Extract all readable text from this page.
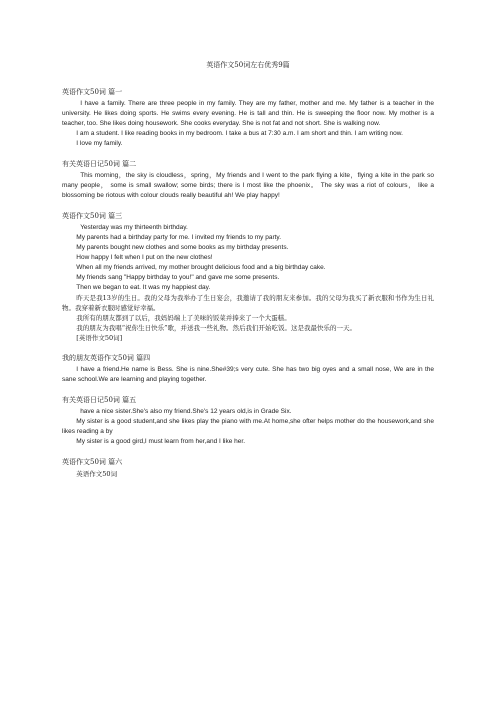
英语作文50词左右优秀9篇
英语作文50词 篇一

I have a family. There are three people in my family. They are my father, mother and me. My father is a teacher in the university. He likes doing sports. He swims every evening. He is tall and thin. He is sweeping the floor now. My mother is a teacher, too. She likes doing housework. She cooks everyday. She is not fat and not short. She is walking now.

I am a student. I like reading books in my bedroom. I take a bus at 7:30 a.m. I am short and thin. I am writing now.

I love my family.

有关英语日记50词 篇二

This morning，the sky is cloudless，spring，My friends and I went to the park flying a kite，flying a kite in the park so many people， some is small swallow; some birds; there is I most like the phoenix。 The sky was a riot of colours， like a blossoming be riotous with colour clouds really beautiful ah! We play happy!

英语作文50词 篇三

Yesterday was my thirteenth birthday.

My parents had a birthday party for me. I invited my friends to my party.

My parents bought new clothes and some books as my birthday presents.

How happy I felt when I put on the new clothes!

When all my friends arrived, my mother brought delicious food and a big birthday cake.

My friends sang "Happy birthday to you!" and gave me some presents.

Then we began to eat. It was my happiest day.

昨天是我13岁的生日。我的父母为我举办了生日宴会，我邀请了我的朋友来参加。我的父母为我买了新衣服和书作为生日礼物。我穿着新衣服时感觉好幸福。

我所有的朋友都到了以后，我妈妈端上了美味的饭菜并捧来了一个大蛋糕。

我的朋友为我唱“祝你生日快乐”歌，并送我一些礼物。然后我们开始吃饭。这是我最快乐的一天。

[英语作文50词]

我的朋友英语作文50词 篇四

I have a friend.He name is Bess. She is nine.She#39;s very cute. She has two big oyes and a small nose, We are in the sane school.We are learning and playing together.

有关英语日记50词 篇五

have a nice sister.She's also my friend.She's 12 years old,is in Grade Six.

My sister is a good student,and she likes play the piano with me.At home,she ofter helps mother do the housework,and she likes reading a by

My sister is a good gird,I must learn from her,and I like her.

英语作文50词 篇六

英语作文50词
